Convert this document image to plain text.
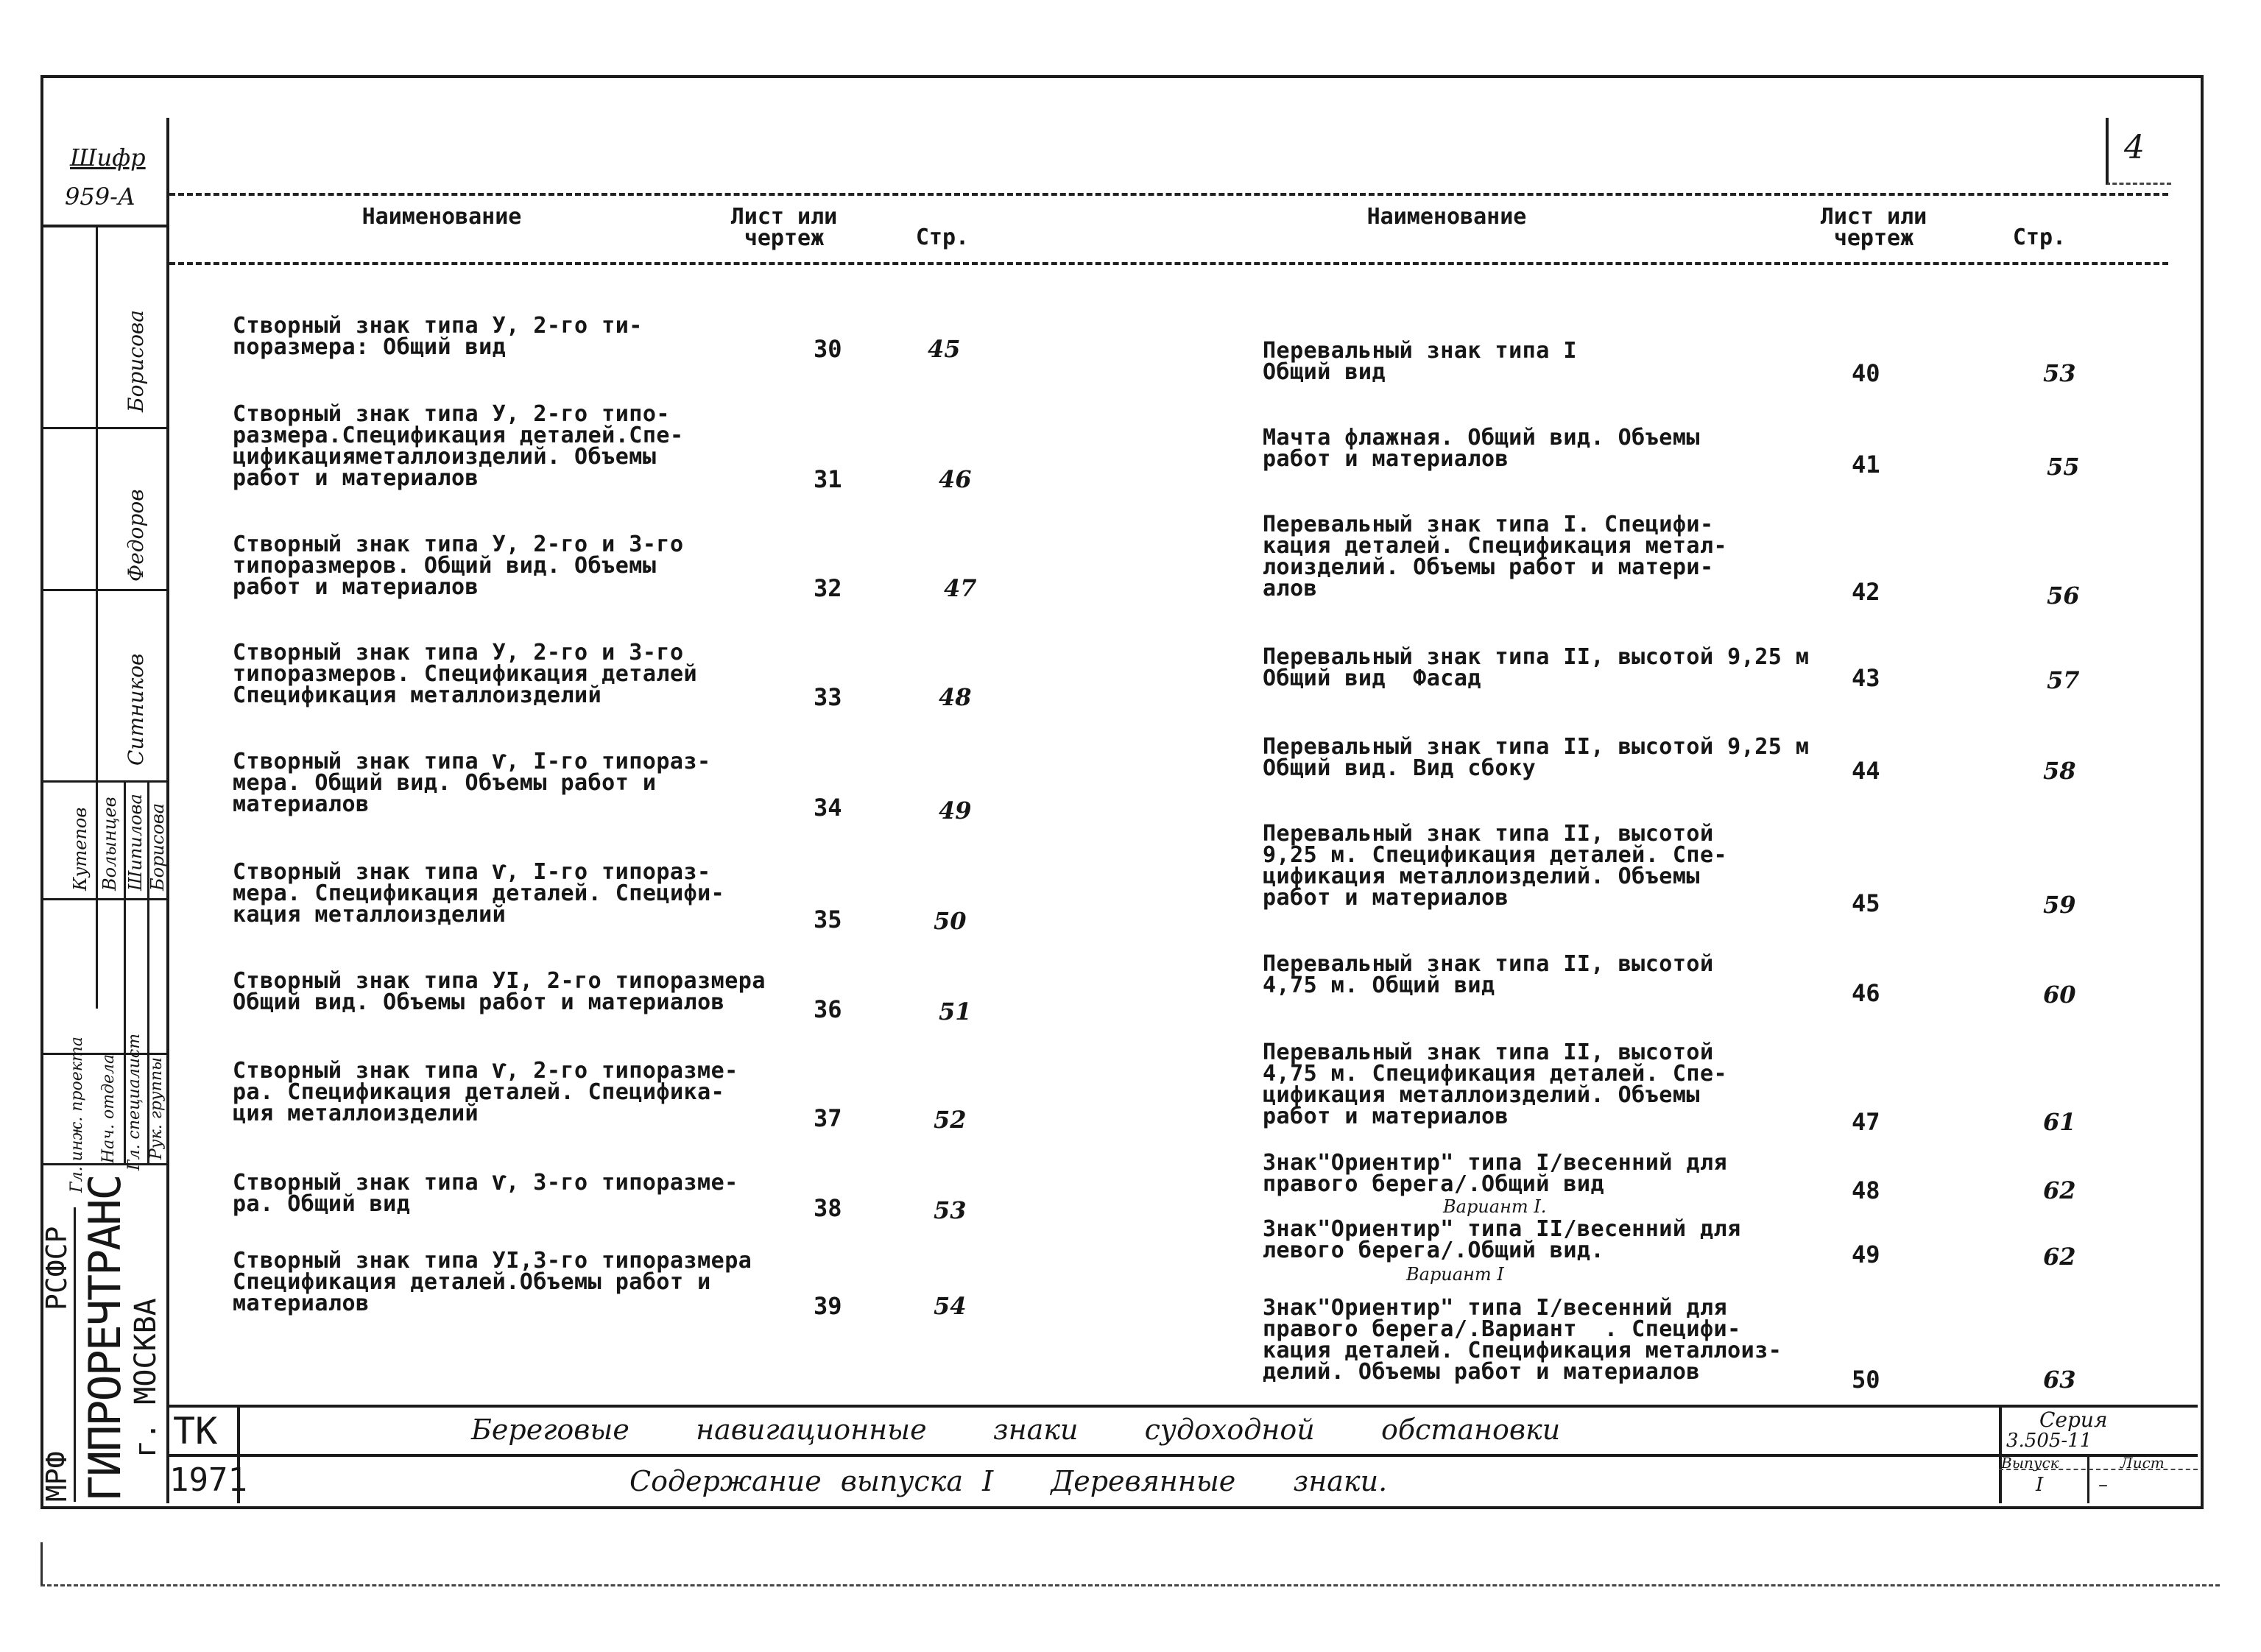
Шифр
959-А
4
Наименование	Лист или чертеж	Стр.
Наименование	Лист или чертеж	Стр.
Створный знак типа У, 2-го ти-
поразмера: Общий вид	30	45
Створный знак типа У, 2-го типо-
размера.Спецификация деталей.Спе-
цификацияметаллоизделий. Объемы
работ и материалов	31	46
Створный знак типа У, 2-го и 3-го
типоразмеров. Общий вид. Объемы
работ и материалов	32	47
Створный знак типа У, 2-го и 3-го
типоразмеров. Спецификация деталей
Спецификация металлоизделий	33	48
Створный знак типа Ѵ, I-го типораз-
мера. Общий вид. Объемы работ и
материалов	34	49
Створный знак типа Ѵ, I-го типораз-
мера. Спецификация деталей. Специфи-
кация металлоизделий	35	50
Створный знак типа УI, 2-го типоразмера
Общий вид. Объемы работ и материалов	36	51
Створный знак типа Ѵ, 2-го типоразме-
ра. Спецификация деталей. Специфика-
ция металлоизделий	37	52
Створный знак типа Ѵ, 3-го типоразме-
ра. Общий вид	38	53
Створный знак типа УI,3-го типоразмера
Спецификация деталей.Объемы работ и
материалов	39	54
Перевальный знак типа I
Общий вид	40	53
Мачта флажная. Общий вид. Объемы
работ и материалов	41	55
Перевальный знак типа I. Специфи-
кация деталей. Спецификация метал-
лоизделий. Объемы работ и матери-
алов	42	56
Перевальный знак типа II, высотой 9,25 м
Общий вид  Фасад	43	57
Перевальный знак типа II, высотой 9,25 м
Общий вид. Вид сбоку	44	58
Перевальный знак типа II, высотой
9,25 м. Спецификация деталей. Спе-
цификация металлоизделий. Объемы
работ и материалов	45	59
Перевальный знак типа II, высотой
4,75 м. Общий вид	46	60
Перевальный знак типа II, высотой
4,75 м. Спецификация деталей. Спе-
цификация металлоизделий. Объемы
работ и материалов	47	61
Знак"Ориентир" типа I/весенний для
правого берега/.Общий вид
Вариант I.
48	62
Знак"Ориентир" типа II/весенний для
левого берега/.Общий вид.
Вариант I
49	62
Знак"Ориентир" типа I/весенний для
правого берега/.Вариант  . Специфи-
кация деталей. Спецификация металлоиз-
делий. Объемы работ и материалов	50	63
Борисова
Федоров
Ситников
Кутепов Волынцев Шипилова Борисова
Гл. инж. проекта Нач. отдела Гл. специалист Рук. группы
МРФ
РСФСР ГИПРОРЕЧТРАНС
г. МОСКВА ТК
1971
Береговые   навигационные   знаки   судоходной   обстановки
Содержание выпуска I   Деревянные   знаки.
Серия
3.505-11
Выпуск
I
Лист
–
